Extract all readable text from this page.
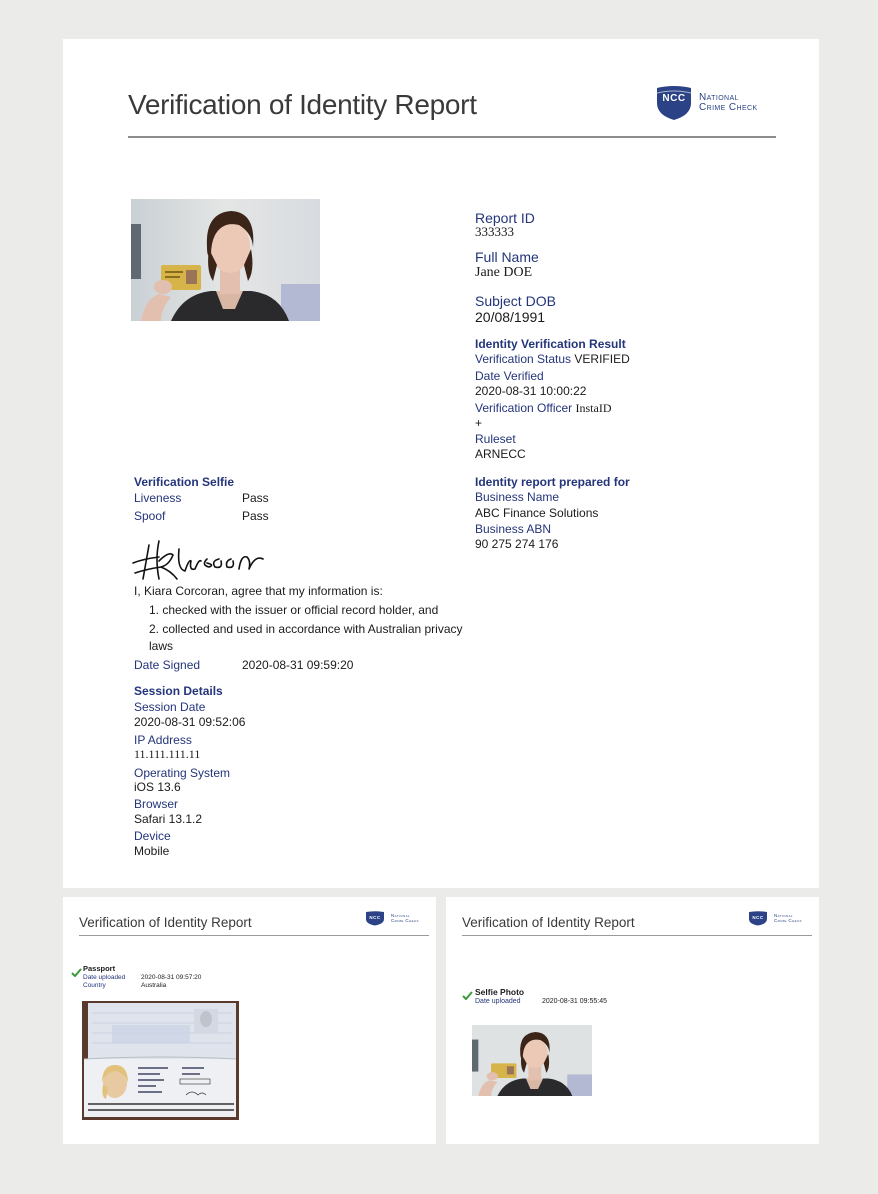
Verification of Identity Report	NCC National
Crime Check
Report ID
333333
Full Name
Jane DOE
Subject DOB
20/08/1991
Identity Verification Result
Verification Status VERIFIED
Date Verified
2020-08-31 10:00:22
Verification Officer InstaID
+
Ruleset
ARNECC
Identity report prepared for
Business Name
ABC Finance Solutions
Business ABN
90 275 274 176
Verification Selfie
Liveness	Pass
Spoof	Pass
I, Kiara Corcoran, agree that my information is:
1. checked with the issuer or official record holder, and
2. collected and used in accordance with Australian privacy
laws
Date Signed	2020-08-31 09:59:20
Session Details
Session Date
2020-08-31 09:52:06
IP Address
11.111.111.11
Operating System
iOS 13.6
Browser
Safari 13.1.2
Device
Mobile
Verification of Identity Report	NCC National
Crime Check
Passport
Date uploaded 2020-08-31 09:57:20
Country	Australia
Verification of Identity Report	NCC National
Crime Check
Selfie Photo
Date uploaded	2020-08-31 09:55:45
